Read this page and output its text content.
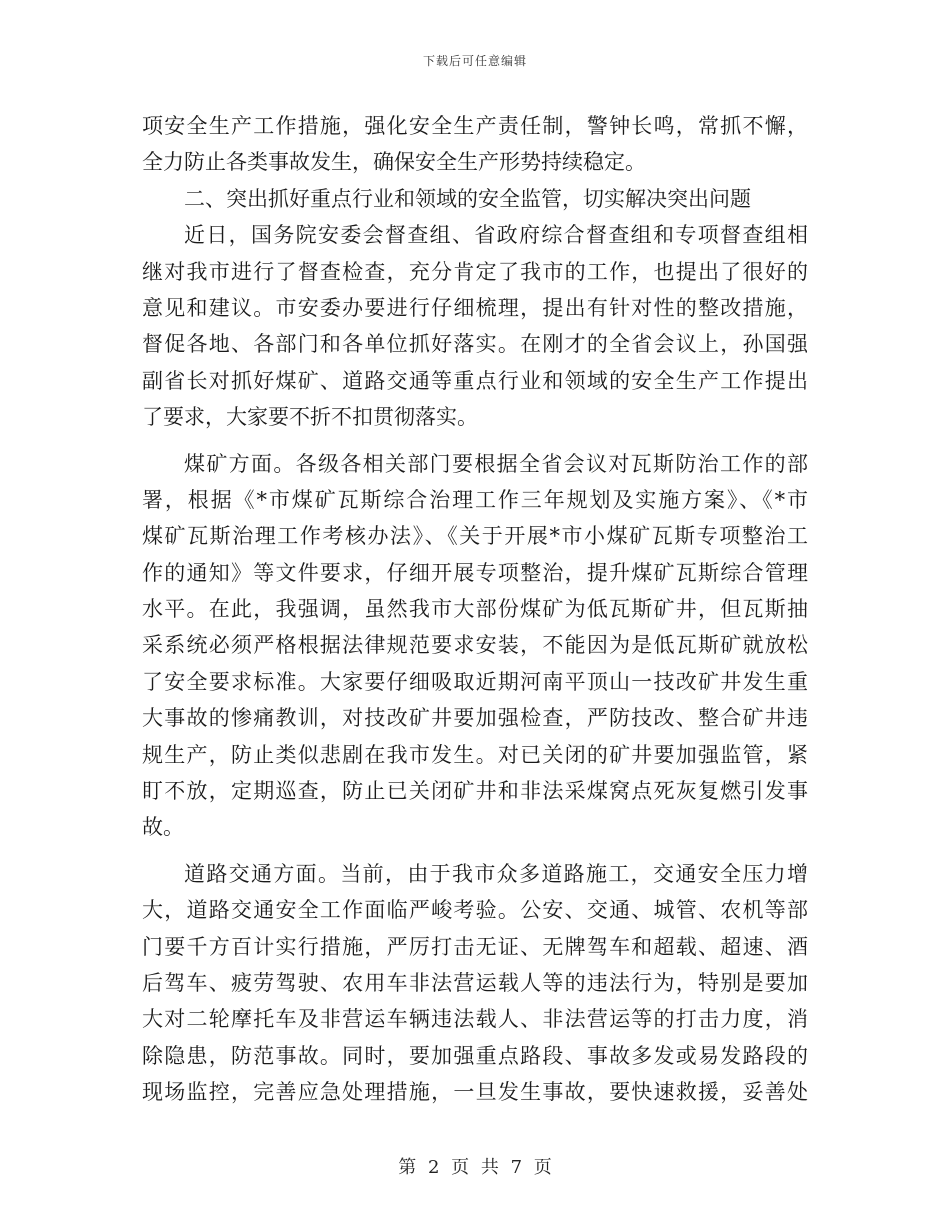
下载后可任意编辑
项安全生产工作措施，强化安全生产责任制，警钟长鸣，常抓不懈，
全力防止各类事故发生，确保安全生产形势持续稳定。
二、突出抓好重点行业和领域的安全监管，切实解决突出问题
近日，国务院安委会督查组、省政府综合督查组和专项督查组相
继对我市进行了督查检查，充分肯定了我市的工作，也提出了很好的
意见和建议。市安委办要进行仔细梳理，提出有针对性的整改措施，
督促各地、各部门和各单位抓好落实。在刚才的全省会议上，孙国强
副省长对抓好煤矿、道路交通等重点行业和领域的安全生产工作提出
了要求，大家要不折不扣贯彻落实。
煤矿方面。各级各相关部门要根据全省会议对瓦斯防治工作的部
署，根据《*市煤矿瓦斯综合治理工作三年规划及实施方案》、《*市
煤矿瓦斯治理工作考核办法》、《关于开展*市小煤矿瓦斯专项整治工
作的通知》等文件要求，仔细开展专项整治，提升煤矿瓦斯综合管理
水平。在此，我强调，虽然我市大部份煤矿为低瓦斯矿井，但瓦斯抽
采系统必须严格根据法律规范要求安装，不能因为是低瓦斯矿就放松
了安全要求标准。大家要仔细吸取近期河南平顶山一技改矿井发生重
大事故的惨痛教训，对技改矿井要加强检查，严防技改、整合矿井违
规生产，防止类似悲剧在我市发生。对已关闭的矿井要加强监管，紧
盯不放，定期巡查，防止已关闭矿井和非法采煤窝点死灰复燃引发事
故。
道路交通方面。当前，由于我市众多道路施工，交通安全压力增
大，道路交通安全工作面临严峻考验。公安、交通、城管、农机等部
门要千方百计实行措施，严厉打击无证、无牌驾车和超载、超速、酒
后驾车、疲劳驾驶、农用车非法营运载人等的违法行为，特别是要加
大对二轮摩托车及非营运车辆违法载人、非法营运等的打击力度，消
除隐患，防范事故。同时，要加强重点路段、事故多发或易发路段的
现场监控，完善应急处理措施，一旦发生事故，要快速救援，妥善处
第 2 页 共 7 页
